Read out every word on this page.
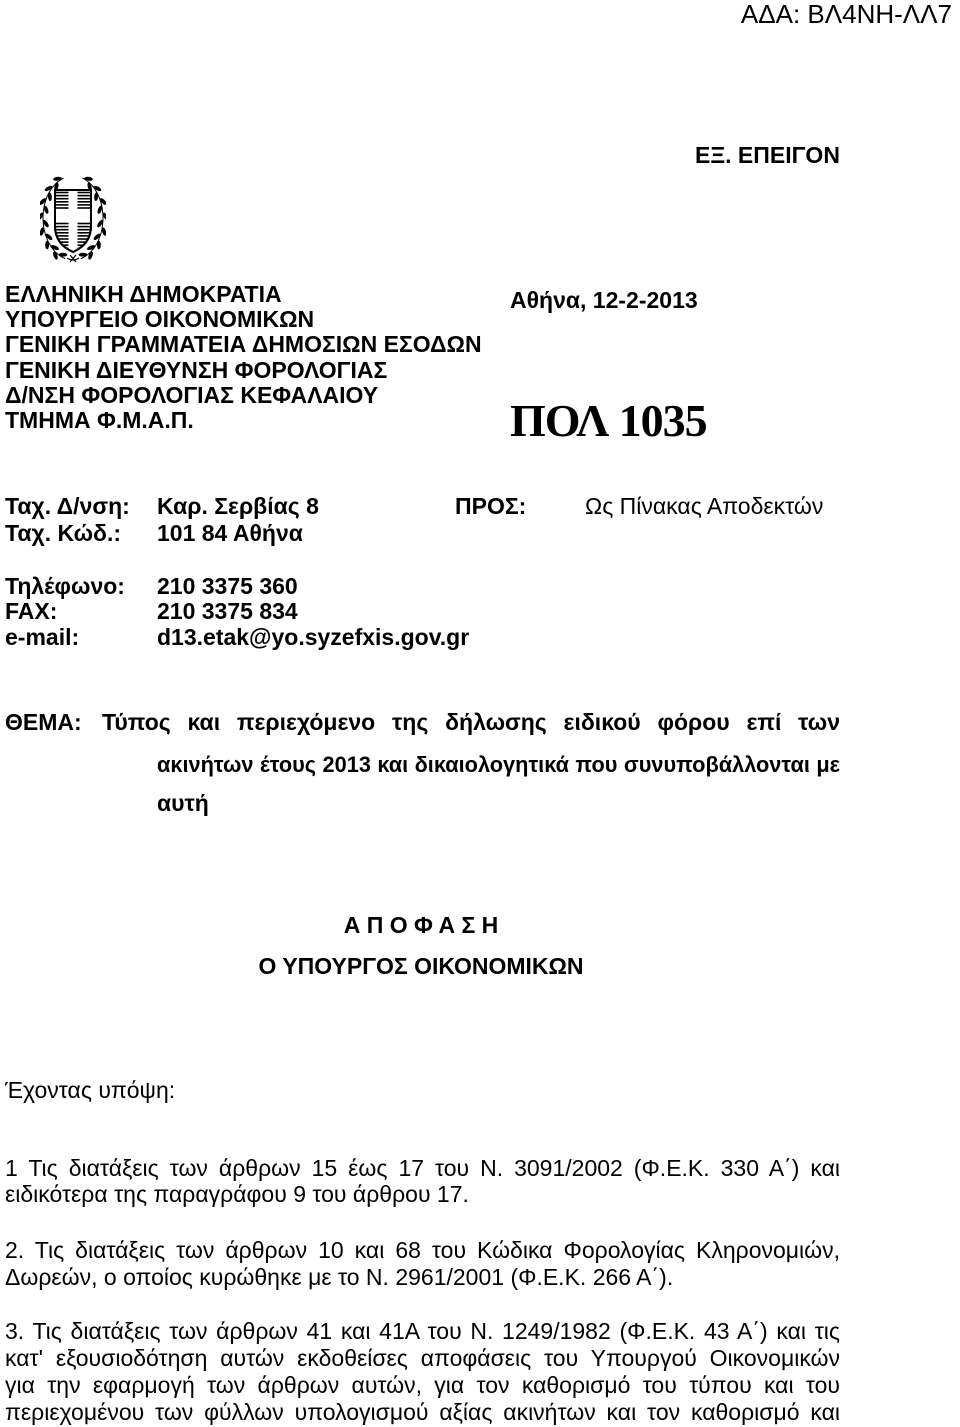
ΑΔΑ: ΒΛ4ΝΗ-ΛΛ7
ΕΞ. ΕΠΕΙΓΟΝ
ΕΛΛΗΝΙΚΗ ΔΗΜΟΚΡΑΤΙΑ
ΥΠΟΥΡΓΕΙΟ ΟΙΚΟΝΟΜΙΚΩΝ
ΓΕΝΙΚΗ ΓΡΑΜΜΑΤΕΙΑ ΔΗΜΟΣΙΩΝ ΕΣΟΔΩΝ
ΓΕΝΙΚΗ ΔΙΕΥΘΥΝΣΗ ΦΟΡΟΛΟΓΙΑΣ
Δ/ΝΣΗ ΦΟΡΟΛΟΓΙΑΣ ΚΕΦΑΛΑΙΟΥ
ΤΜΗΜΑ Φ.Μ.Α.Π.
Αθήνα, 12-2-2013
ΠΟΛ 1035
Ταχ. Δ/νση: Καρ. Σερβίας 8	ΠΡΟΣ:	Ως Πίνακας Αποδεκτών
Ταχ. Κώδ.: 101 84 Αθήνα
Τηλέφωνο: 210 3375 360
FAX:	210 3375 834
e-mail:	d13.etak@yo.syzefxis.gov.gr
ΘΕΜΑ: Τύπος και περιεχόμενο της δήλωσης ειδικού φόρου επί των
ακινήτων έτους 2013 και δικαιολογητικά που συνυποβάλλονται με
αυτή
Α Π Ο Φ Α Σ Η
Ο ΥΠΟΥΡΓΟΣ ΟΙΚΟΝΟΜΙΚΩΝ
Έχοντας υπόψη:
1 Τις διατάξεις των άρθρων 15 έως 17 του Ν. 3091/2002 (Φ.Ε.Κ. 330 Α΄) και
ειδικότερα της παραγράφου 9 του άρθρου 17.
2. Τις διατάξεις των άρθρων 10 και 68 του Κώδικα Φορολογίας Κληρονομιών,
Δωρεών, ο οποίος κυρώθηκε με το Ν. 2961/2001 (Φ.Ε.Κ. 266 Α΄).
3. Τις διατάξεις των άρθρων 41 και 41Α του Ν. 1249/1982 (Φ.Ε.Κ. 43 Α΄) και τις
κατ' εξουσιοδότηση αυτών εκδοθείσες αποφάσεις του Υπουργού Οικονομικών
για την εφαρμογή των άρθρων αυτών, για τον καθορισμό του τύπου και του
περιεχομένου των φύλλων υπολογισμού αξίας ακινήτων και τον καθορισμό και
